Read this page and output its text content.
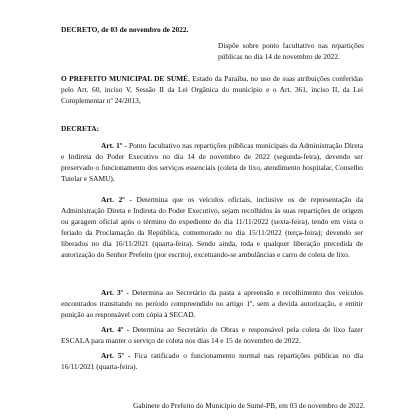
DECRETO, de 03 de novembro de 2022.

Dispõe sobre ponto facultativo nas repartições públicas no dia 14 de novembro de 2022.

O PREFEITO MUNICIPAL DE SUMÉ, Estado da Paraíba, no uso de suas atribuições conferidas pelo Art. 60, inciso V, Sessão II da Lei Orgânica do município e o Art. 361, inciso II, da Lei Complementar nº 24/2013,

DECRETA:

Art. 1º - Ponto facultativo nas repartições públicas municipais da Administração Direta e Indireta do Poder Executivo no dia 14 de novembro de 2022 (segunda-feira), devendo ser preservado o funcionamento dos serviços essenciais (coleta de lixo, atendimento hospitalar, Conselho Tutelar e SAMU).

Art. 2º - Determina que os veículos oficiais, inclusive os de representação da Administração Direta e Indireta do Poder Executivo, sejam recolhidos às suas repartições de origem ou garagem oficial após o término do expediente do dia 11/11/2022 (sexta-feira), tendo em vista o feriado da Proclamação da República, comemorado no dia 15/11/2022 (terça-feira); devendo ser liberados no dia 16/11/2021 (quarta-feira). Sendo ainda, toda e qualquer liberação precedida de autorização do Senhor Prefeito (por escrito), excetuando-se ambulâncias e carro de coleta de lixo.

Art. 3º - Determina ao Secretário da pasta a apreensão e recolhimento dos veículos encontrados transitando no período compreendido no artigo 1º, sem a devida autorização, e emitir punição ao responsável com cópia à SECAD.

Art. 4º - Determina ao Secretário de Obras e responsável pela coleta de lixo fazer ESCALA para manter o serviço de coleta nos dias 14 e 15 de novembro de 2022.

Art. 5º - Fica ratificado o funcionamento normal nas repartições públicas no dia 16/11/2021 (quarta-feira).

Gabinete do Prefeito do Município de Sumé-PB, em 03 de novembro de 2022.
